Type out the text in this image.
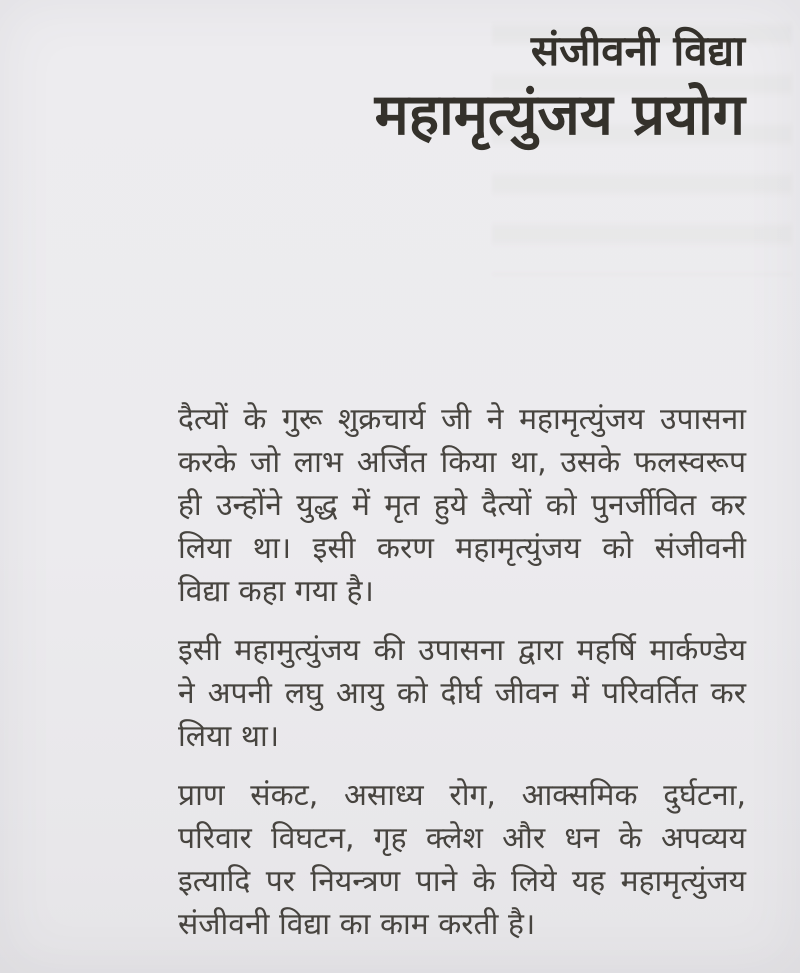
संजीवनी विद्या
महामृत्युंजय प्रयोग

दैत्यों के गुरू शुक्रचार्य जी ने महामृत्युंजय उपासना
करके जो लाभ अर्जित किया था, उसके फलस्वरूप
ही उन्होंने युद्ध में मृत हुये दैत्यों को पुनर्जीवित कर
लिया था। इसी करण महामृत्युंजय को संजीवनी
विद्या कहा गया है।

इसी महामुत्युंजय की उपासना द्वारा महर्षि मार्कण्डेय
ने अपनी लघु आयु को दीर्घ जीवन में परिवर्तित कर
लिया था।

प्राण संकट, असाध्य रोग, आक्समिक दुर्घटना,
परिवार विघटन, गृह क्लेश और धन के अपव्यय
इत्यादि पर नियन्त्रण पाने के लिये यह महामृत्युंजय
संजीवनी विद्या का काम करती है।
